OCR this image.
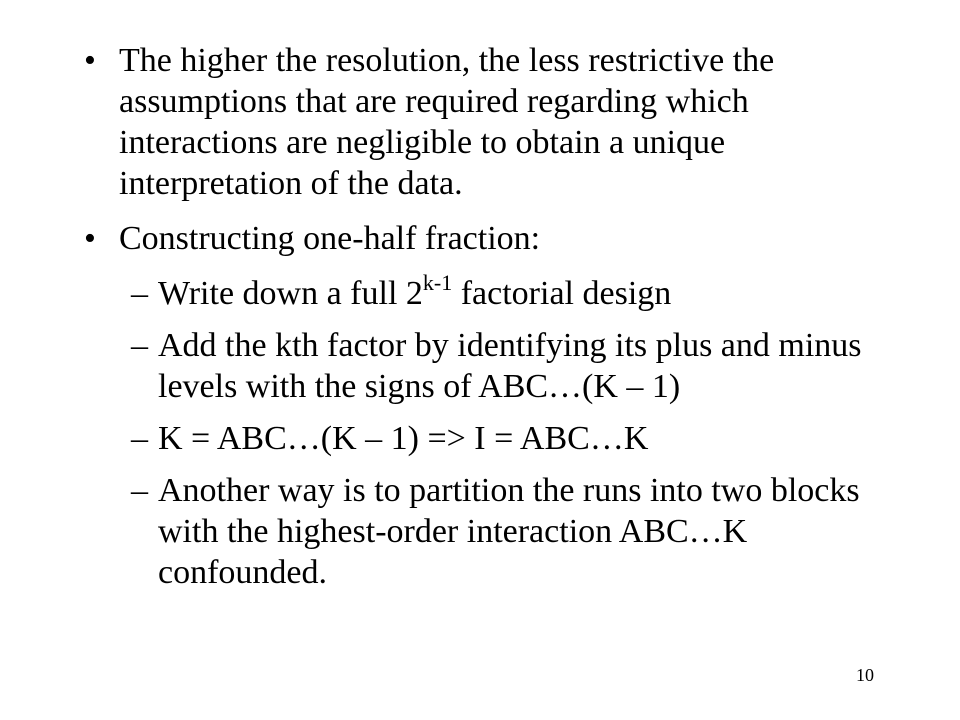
• The higher the resolution, the less restrictive the assumptions that are required regarding which interactions are negligible to obtain a unique interpretation of the data.
• Constructing one-half fraction:
– Write down a full 2$^{k-1}$ factorial design
– Add the kth factor by identifying its plus and minus levels with the signs of ABC…(K – 1)
– K = ABC…(K – 1) => I = ABC…K
– Another way is to partition the runs into two blocks with the highest-order interaction ABC…K confounded.
10
